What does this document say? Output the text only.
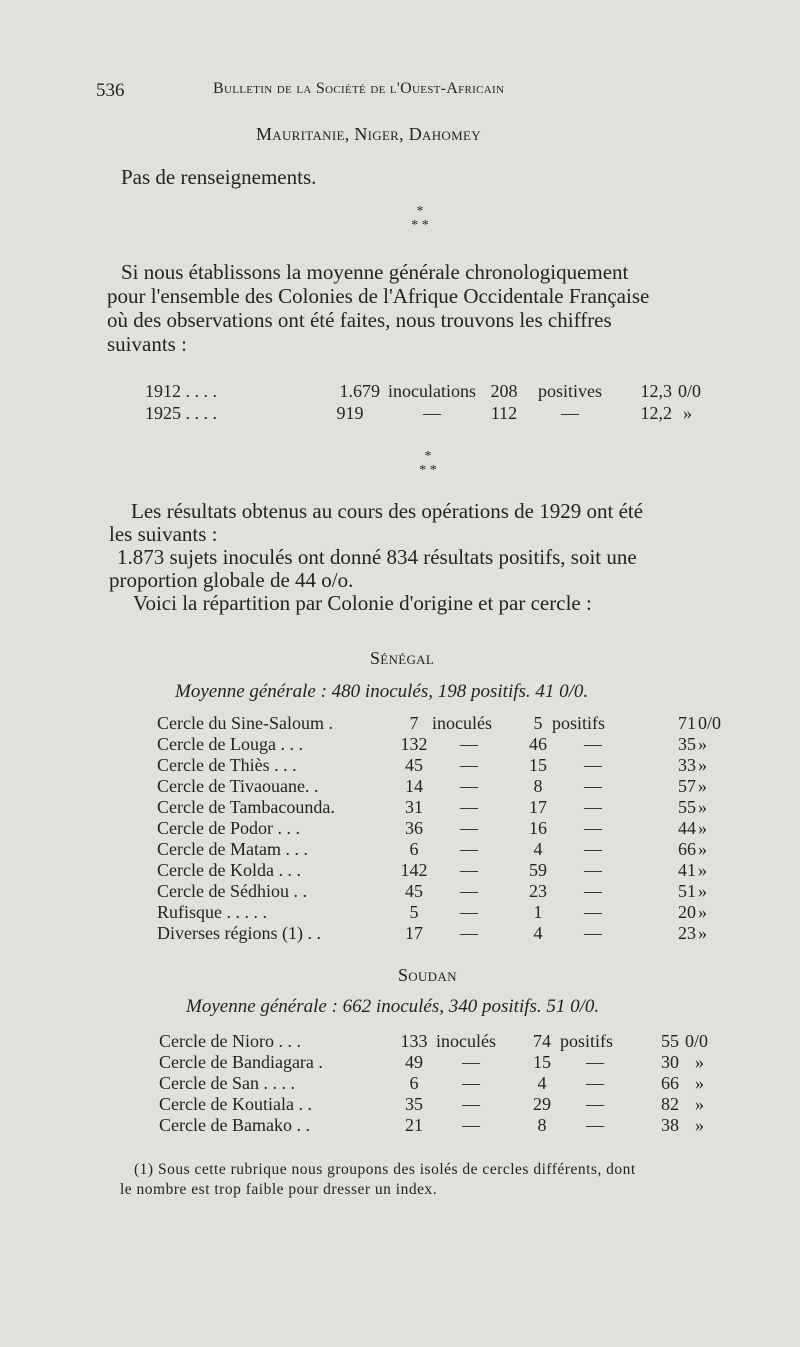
536	Bulletin de la Société de l'Ouest-Africain
Mauritanie, Niger, Dahomey
Pas de renseignements.
*
* *
Si nous établissons la moyenne générale chronologiquement
pour l'ensemble des Colonies de l'Afrique Occidentale Française
où des observations ont été faites, nous trouvons les chiffres
suivants :
1912 . . . .	1.679 inoculations 208	positives	12,3 0/0
1925 . . . .	919	—	112	—	12,2 »
*
* *
Les résultats obtenus au cours des opérations de 1929 ont été
les suivants :
1.873 sujets inoculés ont donné 834 résultats positifs, soit une
proportion globale de 44 o/o.
Voici la répartition par Colonie d'origine et par cercle :
Sénégal
Moyenne générale : 480 inoculés, 198 positifs. 41 0/0.
Cercle du Sine-Saloum .	7 inoculés	5 positifs	71 0/0
Cercle de Louga . . .	132	—	46	—	35 »
Cercle de Thiès . . .	45	—	15	—	33 »
Cercle de Tivaouane. .	14	—	8	—	57 »
Cercle de Tambacounda.	31	—	17	—	55 »
Cercle de Podor . . .	36	—	16	—	44 »
Cercle de Matam . . .	6	—	4	—	66 »
Cercle de Kolda . . .	142	—	59	—	41 »
Cercle de Sédhiou . .	45	—	23	—	51 »
Rufisque . . . . .	5	—	1	—	20 »
Diverses régions (1) . .	17	—	4	—	23 »
Soudan
Moyenne générale : 662 inoculés, 340 positifs. 51 0/0.
Cercle de Nioro . . .	133 inoculés	74 positifs	55 0/0
Cercle de Bandiagara .	49	—	15	—	30 »
Cercle de San . . . .	6	—	4	—	66 »
Cercle de Koutiala . .	35	—	29	—	82 »
Cercle de Bamako . .	21	—	8	—	38 »
(1) Sous cette rubrique nous groupons des isolés de cercles différents, dont
le nombre est trop faible pour dresser un index.
